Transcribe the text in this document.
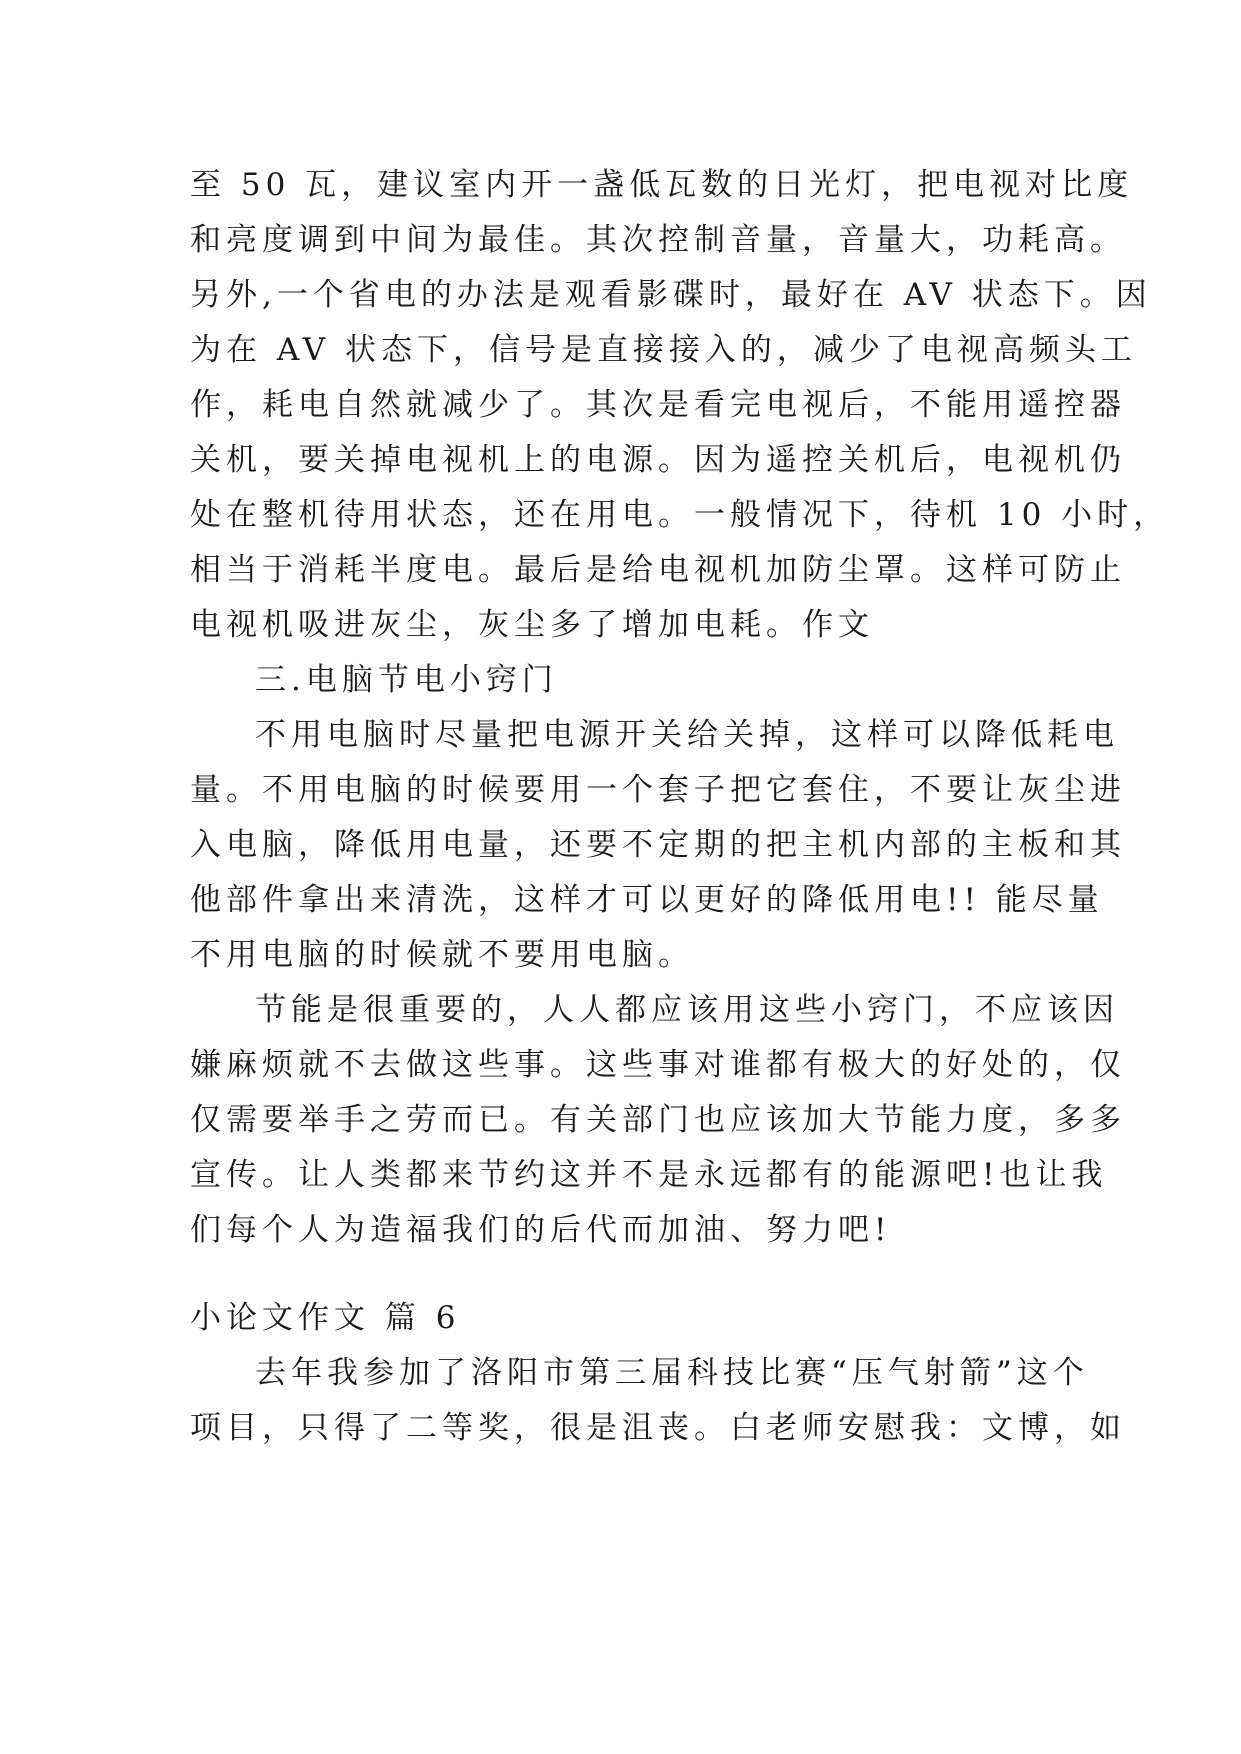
至 50 瓦，建议室内开一盏低瓦数的日光灯，把电视对比度
和亮度调到中间为最佳。其次控制音量，音量大，功耗高。
另外,一个省电的办法是观看影碟时，最好在 AV 状态下。因
为在 AV 状态下，信号是直接接入的，减少了电视高频头工
作，耗电自然就减少了。其次是看完电视后，不能用遥控器
关机，要关掉电视机上的电源。因为遥控关机后，电视机仍
处在整机待用状态，还在用电。一般情况下，待机 10 小时，
相当于消耗半度电。最后是给电视机加防尘罩。这样可防止
电视机吸进灰尘，灰尘多了增加电耗。作文
三.电脑节电小窍门
不用电脑时尽量把电源开关给关掉，这样可以降低耗电
量。不用电脑的时候要用一个套子把它套住，不要让灰尘进
入电脑，降低用电量，还要不定期的把主机内部的主板和其
他部件拿出来清洗，这样才可以更好的降低用电!! 能尽量
不用电脑的时候就不要用电脑。
节能是很重要的，人人都应该用这些小窍门，不应该因
嫌麻烦就不去做这些事。这些事对谁都有极大的好处的，仅
仅需要举手之劳而已。有关部门也应该加大节能力度，多多
宣传。让人类都来节约这并不是永远都有的能源吧!也让我
们每个人为造福我们的后代而加油、努力吧!
小论文作文 篇 6
去年我参加了洛阳市第三届科技比赛“压气射箭”这个
项目，只得了二等奖，很是沮丧。白老师安慰我：文博，如
